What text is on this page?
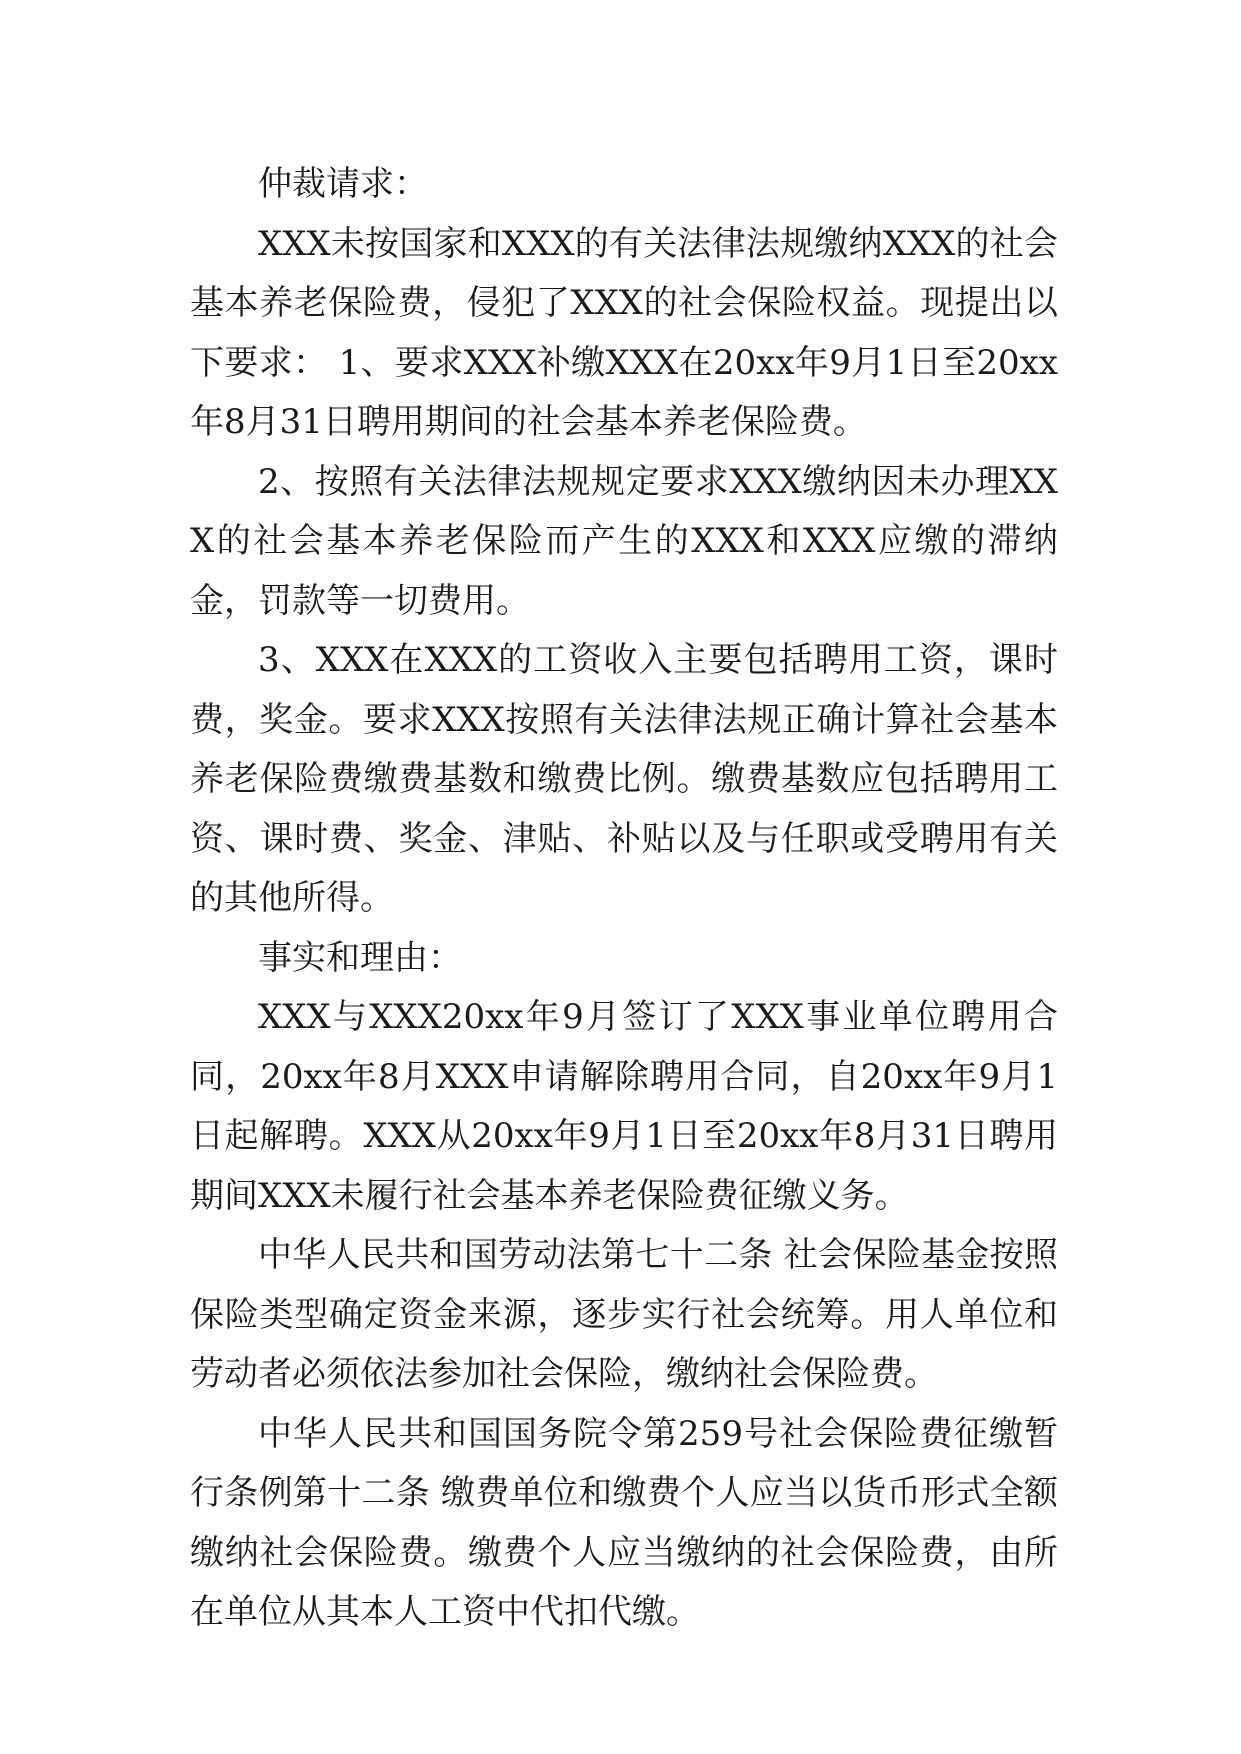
仲裁请求：

XXX未按国家和XXX的有关法律法规缴纳XXX的社会基本养老保险费，侵犯了XXX的社会保险权益。现提出以下要求： 1、要求XXX补缴XXX在20xx年9月1日至20xx年8月31日聘用期间的社会基本养老保险费。

2、按照有关法律法规规定要求XXX缴纳因未办理XXX的社会基本养老保险而产生的XXX和XXX应缴的滞纳金，罚款等一切费用。

3、XXX在XXX的工资收入主要包括聘用工资，课时费，奖金。要求XXX按照有关法律法规正确计算社会基本养老保险费缴费基数和缴费比例。缴费基数应包括聘用工资、课时费、奖金、津贴、补贴以及与任职或受聘用有关的其他所得。

事实和理由：

XXX与XXX20xx年9月签订了XXX事业单位聘用合同，20xx年8月XXX申请解除聘用合同，自20xx年9月1日起解聘。XXX从20xx年9月1日至20xx年8月31日聘用期间XXX未履行社会基本养老保险费征缴义务。

中华人民共和国劳动法第七十二条 社会保险基金按照保险类型确定资金来源，逐步实行社会统筹。用人单位和劳动者必须依法参加社会保险，缴纳社会保险费。

中华人民共和国国务院令第259号社会保险费征缴暂行条例第十二条 缴费单位和缴费个人应当以货币形式全额缴纳社会保险费。缴费个人应当缴纳的社会保险费，由所在单位从其本人工资中代扣代缴。
